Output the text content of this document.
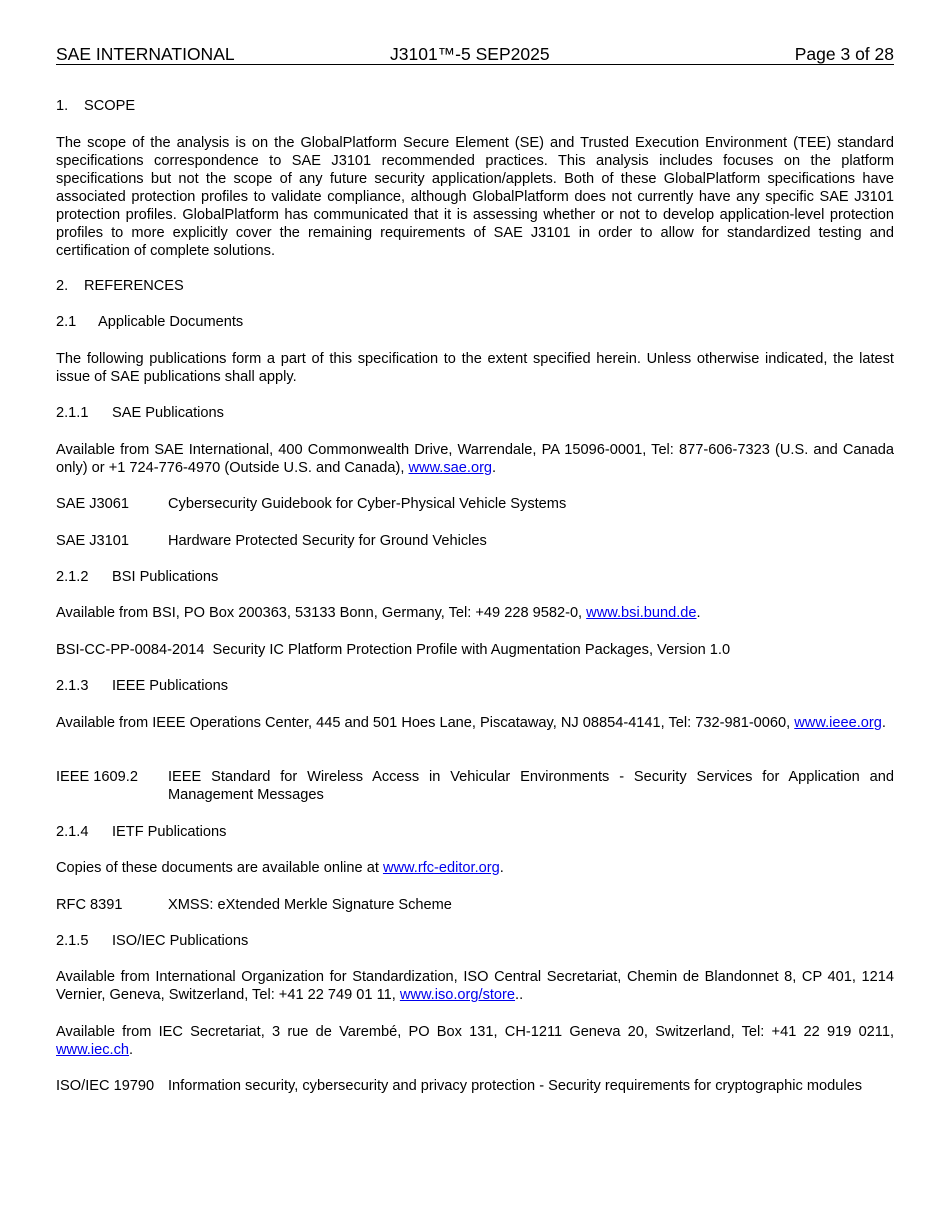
SAE INTERNATIONAL	J3101™-5 SEP2025	Page 3 of 28
1. SCOPE
The scope of the analysis is on the GlobalPlatform Secure Element (SE) and Trusted Execution Environment (TEE) standard specifications correspondence to SAE J3101 recommended practices. This analysis includes focuses on the platform specifications but not the scope of any future security application/applets. Both of these GlobalPlatform specifications have associated protection profiles to validate compliance, although GlobalPlatform does not currently have any specific SAE J3101 protection profiles. GlobalPlatform has communicated that it is assessing whether or not to develop application-level protection profiles to more explicitly cover the remaining requirements of SAE J3101 in order to allow for standardized testing and certification of complete solutions.
2. REFERENCES
2.1 Applicable Documents
The following publications form a part of this specification to the extent specified herein. Unless otherwise indicated, the latest issue of SAE publications shall apply.
2.1.1 SAE Publications
Available from SAE International, 400 Commonwealth Drive, Warrendale, PA 15096-0001, Tel: 877-606-7323 (U.S. and Canada only) or +1 724-776-4970 (Outside U.S. and Canada), www.sae.org.
SAE J3061	Cybersecurity Guidebook for Cyber-Physical Vehicle Systems
SAE J3101	Hardware Protected Security for Ground Vehicles
2.1.2 BSI Publications
Available from BSI, PO Box 200363, 53133 Bonn, Germany, Tel: +49 228 9582-0, www.bsi.bund.de.
BSI-CC-PP-0084-2014  Security IC Platform Protection Profile with Augmentation Packages, Version 1.0
2.1.3 IEEE Publications
Available from IEEE Operations Center, 445 and 501 Hoes Lane, Piscataway, NJ 08854-4141, Tel: 732-981-0060, www.ieee.org.
IEEE 1609.2 IEEE Standard for Wireless Access in Vehicular Environments - Security Services for Application and Management Messages
2.1.4 IETF Publications
Copies of these documents are available online at www.rfc-editor.org.
RFC 8391	XMSS: eXtended Merkle Signature Scheme
2.1.5 ISO/IEC Publications
Available from International Organization for Standardization, ISO Central Secretariat, Chemin de Blandonnet 8, CP 401, 1214 Vernier, Geneva, Switzerland, Tel: +41 22 749 01 11, www.iso.org/store..
Available from IEC Secretariat, 3 rue de Varembé, PO Box 131, CH-1211 Geneva 20, Switzerland, Tel: +41 22 919 0211, www.iec.ch.
ISO/IEC 19790 Information security, cybersecurity and privacy protection - Security requirements for cryptographic modules
